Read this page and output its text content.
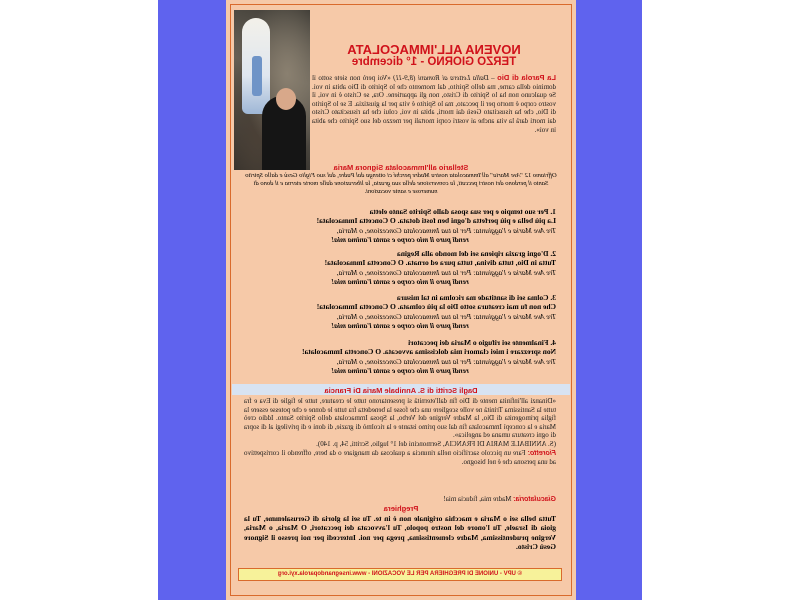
NOVENA ALL'IMMACOLATA
TERZO GIORNO - 1° dicembre
La Parola di Dio – Dalla Lettera ai Romani (8,9-11) «Voi però non siete sotto il dominio della carne, ma dello Spirito, dal momento che lo Spirito di Dio abita in voi. Se qualcuno non ha lo Spirito di Cristo, non gli appartiene. Ora, se Cristo è in voi, il vostro corpo è morto per il peccato, ma lo Spirito è vita per la giustizia. E se lo Spirito di Dio, che ha risuscitato Gesù dai morti, abita in voi, colui che ha risuscitato Cristo dai morti darà la vita anche ai vostri corpi mortali per mezzo del suo Spirito che abita in voi».
Stellario all'Immacolata Signora Maria
Offriamo 12 "Ave Maria" all'Immacolata nostra Madre perché ci ottenga dal Padre, dal suo Figlio Gesù e dallo Spirito Santo il perdono dei nostri peccati, la conversione della sua grazia, la liberazione dalle morte eterna e il dono di numerose e sante vocazioni.
1. Per suo tempio e per sua sposa dallo Spirito Santo eletta
La più bella e più perfetta d'ogni ben fosti dotata. O Concetta Immacolata!
Tre Ave Maria e l'aggiunta: Per la tua Immacolata Concezione, o Maria,

rendi puro il mio corpo e santa l'anima mia!
2. D'ogni grazia ripiena sei del mondo alla Regina
Tutta in Dio, tutta divina, tutta pura ed ornata. O Concetta Immacolata!
Tre Ave Maria e l'aggiunta: Per la tua Immacolata Concezione, o Maria,

rendi puro il mio corpo e santa l'anima mia!
3. Colma sei di santitade ma ricolma in tal misura
Che non fu mai creatura sotto Dio la più colmata. O Concetta Immacolata!
Tre Ave Maria e l'aggiunta: Per la tua Immacolata Concezione, o Maria,

rendi puro il mio corpo e santa l'anima mia!
4. Finalmente sei rifugio o Maria dei peccatori
Non sprezzare i miei clamori mia dolcissima avvocata. O Concetta Immacolata!
Tre Ave Maria e l'aggiunta: Per la tua Immacolata Concezione, o Maria,

rendi puro il mio corpo e santa l'anima mia!
Dagli Scritti di S. Annibale Maria Di Francia
«Dinanzi all'infinita mente di Dio fin dall'eternità si presentarono tutte le creature, tutte le figlie di Eva e fra tutte la Santissima Trinità ne volle scegliere una che fosse la benedetta fra tutte le donne e che potesse essere la figlia primogenita di Dio, la Madre Vergine del Verbo, la Sposa Immacolata dello Spirito Santo. Iddio creò Maria e la concepì Immacolata fin dal suo primo istante e la ricolmò di grazie, di doni e di privilegi al di sopra di ogni creatura umana ed angelica».
(S. ANNIBALE MARIA DI FRANCIA, Sermoncini del 1° luglio, Scritti, 54, p. 140).
Fioretto: Fare un piccolo sacrificio nella rinuncia a qualcosa da mangiare o da bere, offrendo il corrispettivo ad una persona che è nel bisogno.
Giaculatoria: Madre mia, fiducia mia!
Preghiera
Tutta bella sei o Maria e macchia originale non è in te. Tu sei la gloria di Gerusalemme, Tu la gioia di Israele, Tu l'onore del nostro popolo, Tu l'avvocata dei peccatori, O Maria, o Maria, Vergine prudentissima, Madre clementissima, prega per noi. Intercedi per noi presso il Signore Gesù Cristo.
© UPV - UNIONE DI PREGHIERA PER LE VOCAZIONI - www.insegnandoparola.xyi.org
